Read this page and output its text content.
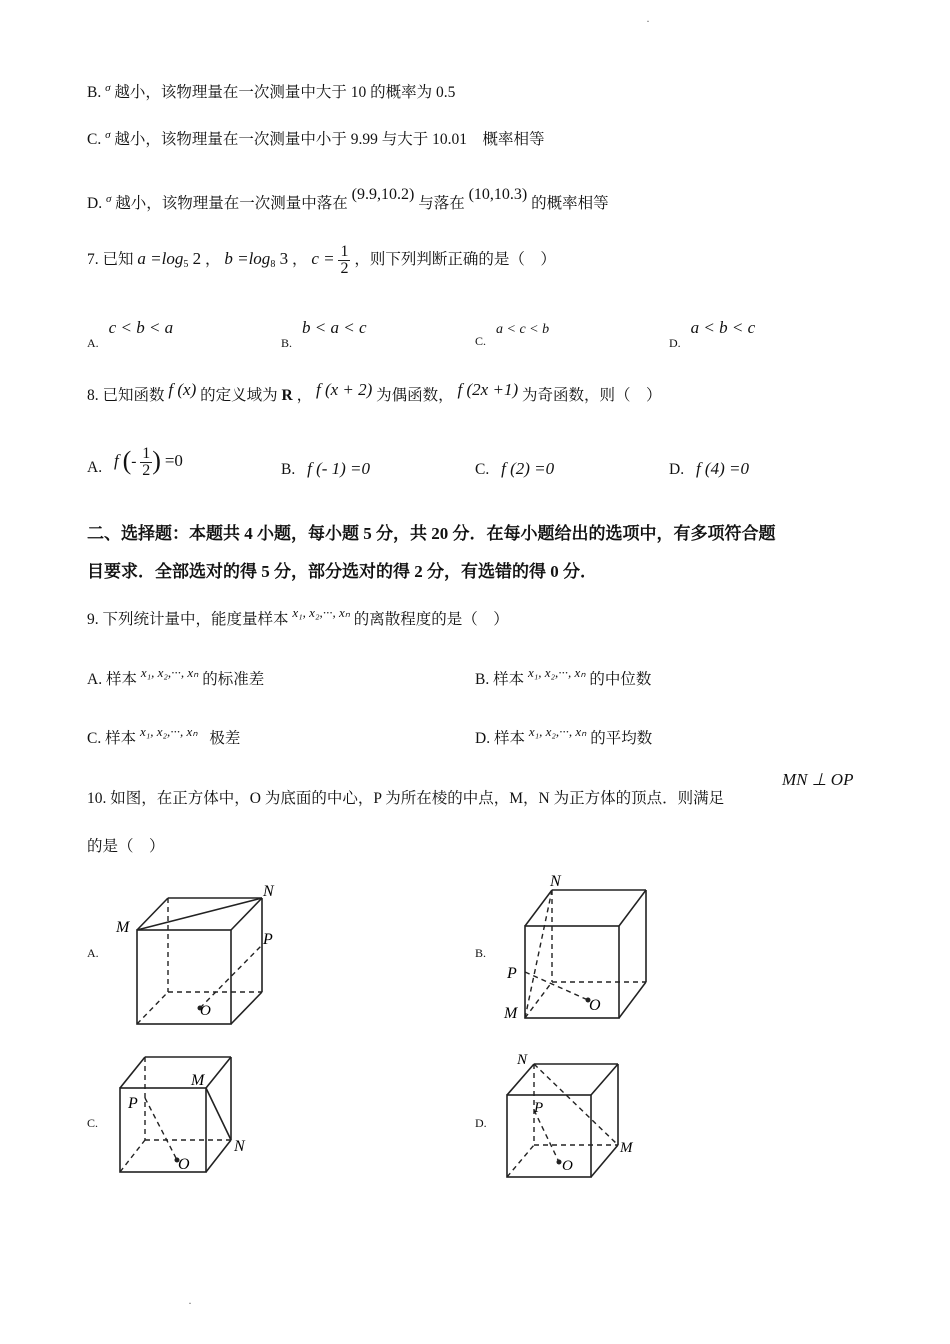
·
·
B. $^\sigma$ 越小，该物理量在一次测量中大于 10 的概率为 0.5
C. $^\sigma$ 越小，该物理量在一次测量中小于 9.99 与大于 10.01　概率相等
D. $^\sigma$ 越小，该物理量在一次测量中落在 (9.9,10.2) 与落在 (10,10.3) 的概率相等
7. 已知 $a =\log_5$ 2 ， $b =\log_8$ 3 ， $c = \frac{1}{2}$ ，则下列判断正确的是（　）
$_{A.}$ c < b < a
$_{B.}$ b < a < c
$_{C.}$ a < c < b
$_{D.}$ a < b < c
8. 已知函数 f (x) 的定义域为 R ， f (x + 2) 为偶函数， f (2x +1) 为奇函数，则（　）
A. f (- $\frac{1}{2}$ ) =0	B. f (- 1) =0	C. f (2) =0	D. f (4) =0
二、选择题：本题共 4 小题，每小题 5 分，共 20 分．在每小题给出的选项中，有多项符合题
目要求．全部选对的得 5 分，部分选对的得 2 分，有选错的得 0 分．
9. 下列统计量中，能度量样本 $^{x_1, x_2,\cdot\cdot\cdot, x_n}$ 的离散程度的是（　）
A. 样本 $^{x_1, x_2,\cdot\cdot\cdot, x_n}$ 的标准差	B. 样本 $^{x_1, x_2,\cdot\cdot\cdot, x_n}$ 的中位数
C. 样本 $^{x_1, x_2,\cdot\cdot\cdot, x_n}$ 极差	D. 样本 $^{x_1, x_2,\cdot\cdot\cdot, x_n}$ 的平均数
10. 如图，在正方体中，O 为底面的中心，P 为所在棱的中点，M，N 为正方体的顶点．则满足
MN ⊥ OP
的是（　）
A.
M
N
P
O
B.
N
P
M	O
C.
M
P
N
O
D.
N
P
M
O
